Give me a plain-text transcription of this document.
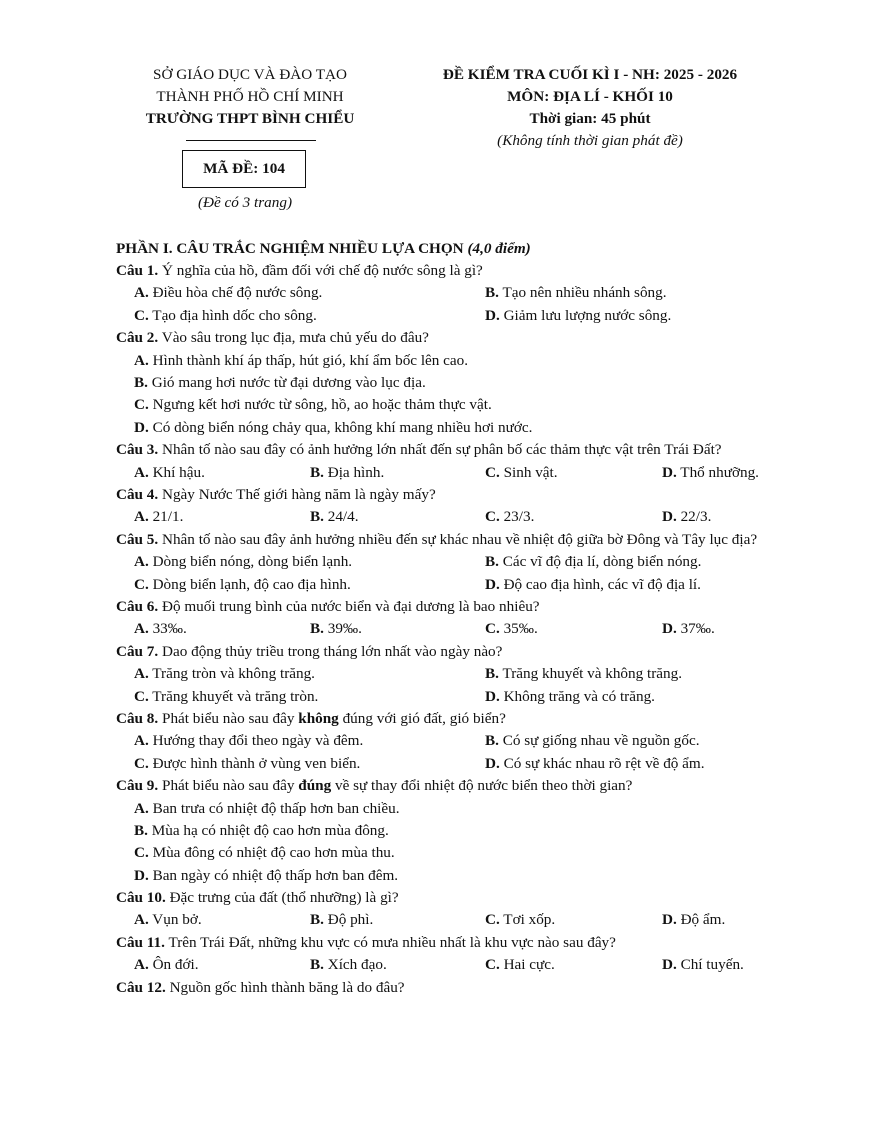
SỞ GIÁO DỤC VÀ ĐÀO TẠO
THÀNH PHỐ HỒ CHÍ MINH
TRƯỜNG THPT BÌNH CHIỂU
MÃ ĐỀ: 104
(Đề có 3 trang)
ĐỀ KIỂM TRA CUỐI KÌ I - NH: 2025 - 2026
MÔN: ĐỊA LÍ - KHỐI 10
Thời gian: 45 phút
(Không tính thời gian phát đề)
PHẦN I. CÂU TRẮC NGHIỆM NHIỀU LỰA CHỌN (4,0 điểm)
Câu 1. Ý nghĩa của hồ, đầm đối với chế độ nước sông là gì?
A. Điều hòa chế độ nước sông.	B. Tạo nên nhiều nhánh sông.
C. Tạo địa hình dốc cho sông.	D. Giảm lưu lượng nước sông.
Câu 2. Vào sâu trong lục địa, mưa chủ yếu do đâu?
A. Hình thành khí áp thấp, hút gió, khí ẩm bốc lên cao.
B. Gió mang hơi nước từ đại dương vào lục địa.
C. Ngưng kết hơi nước từ sông, hồ, ao hoặc thảm thực vật.
D. Có dòng biển nóng chảy qua, không khí mang nhiều hơi nước.
Câu 3. Nhân tố nào sau đây có ảnh hưởng lớn nhất đến sự phân bố các thảm thực vật trên Trái Đất?
A. Khí hậu.	B. Địa hình.	C. Sinh vật.	D. Thổ nhưỡng.
Câu 4. Ngày Nước Thế giới hàng năm là ngày mấy?
A. 21/1.	B. 24/4.	C. 23/3.	D. 22/3.
Câu 5. Nhân tố nào sau đây ảnh hưởng nhiều đến sự khác nhau về nhiệt độ giữa bờ Đông và Tây lục địa?
A. Dòng biển nóng, dòng biển lạnh.	B. Các vĩ độ địa lí, dòng biển nóng.
C. Dòng biển lạnh, độ cao địa hình.	D. Độ cao địa hình, các vĩ độ địa lí.
Câu 6. Độ muối trung bình của nước biển và đại dương là bao nhiêu?
A. 33‰.	B. 39‰.	C. 35‰.	D. 37‰.
Câu 7. Dao động thủy triều trong tháng lớn nhất vào ngày nào?
A. Trăng tròn và không trăng.	B. Trăng khuyết và không trăng.
C. Trăng khuyết và trăng tròn.	D. Không trăng và có trăng.
Câu 8. Phát biểu nào sau đây không đúng với gió đất, gió biển?
A. Hướng thay đổi theo ngày và đêm.	B. Có sự giống nhau về nguồn gốc.
C. Được hình thành ở vùng ven biển.	D. Có sự khác nhau rõ rệt về độ ẩm.
Câu 9. Phát biểu nào sau đây đúng về sự thay đổi nhiệt độ nước biển theo thời gian?
A. Ban trưa có nhiệt độ thấp hơn ban chiều.
B. Mùa hạ có nhiệt độ cao hơn mùa đông.
C. Mùa đông có nhiệt độ cao hơn mùa thu.
D. Ban ngày có nhiệt độ thấp hơn ban đêm.
Câu 10. Đặc trưng của đất (thổ nhưỡng) là gì?
A. Vụn bở.	B. Độ phì.	C. Tơi xốp.	D. Độ ẩm.
Câu 11. Trên Trái Đất, những khu vực có mưa nhiều nhất là khu vực nào sau đây?
A. Ôn đới.	B. Xích đạo.	C. Hai cực.	D. Chí tuyến.
Câu 12. Nguồn gốc hình thành băng là do đâu?
